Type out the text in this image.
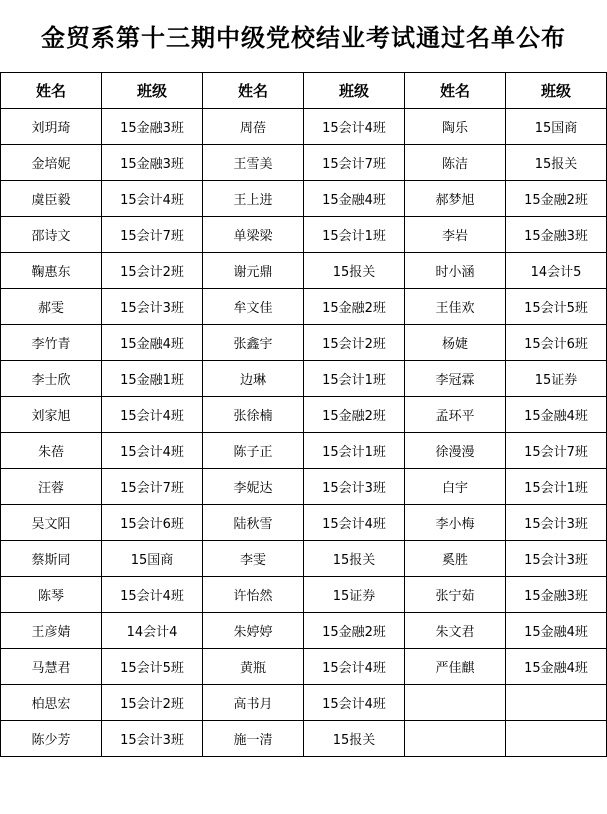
金贸系第十三期中级党校结业考试通过名单公布
姓名	班级	姓名	班级	姓名	班级
刘玥琦	15金融3班	周蓓	15会计4班	陶乐	15国商
金培妮	15金融3班	王雪美	15会计7班	陈洁	15报关
虞臣毅	15会计4班	王上进	15金融4班	郝梦旭	15金融2班
邵诗文	15会计7班	单梁梁	15会计1班	李岩	15金融3班
鞠惠东	15会计2班	谢元鼎	15报关	时小涵	14会计5
郝雯	15会计3班	牟文佳	15金融2班	王佳欢	15会计5班
李竹青	15金融4班	张鑫宇	15会计2班	杨婕	15会计6班
李士欣	15金融1班	边琳	15会计1班	李冠霖	15证券
刘家旭	15会计4班	张徐楠	15金融2班	孟环平	15金融4班
朱蓓	15会计4班	陈子正	15会计1班	徐漫漫	15会计7班
汪蓉	15会计7班	李妮达	15会计3班	白宇	15会计1班
吴文阳	15会计6班	陆秋雪	15会计4班	李小梅	15会计3班
蔡斯同	15国商	李雯	15报关	奚胜	15会计3班
陈琴	15会计4班	许怡然	15证券	张宁茹	15金融3班
王彦婧	14会计4	朱婷婷	15金融2班	朱文君	15金融4班
马慧君	15会计5班	黄瓶	15会计4班	严佳麒	15金融4班
柏思宏	15会计2班	高书月	15会计4班		
陈少芳	15会计3班	施一清	15报关		
